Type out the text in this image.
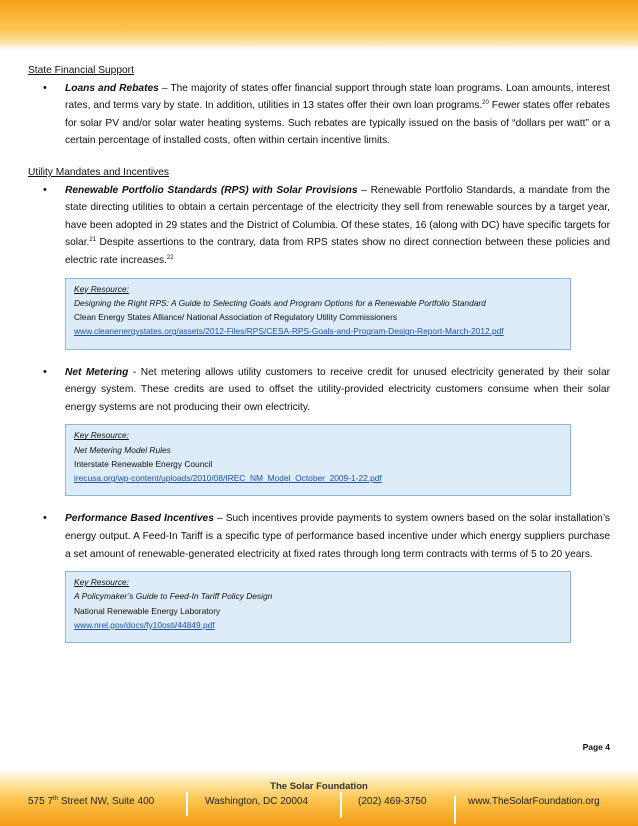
State Financial Support

• Loans and Rebates – The majority of states offer financial support through state loan programs. Loan amounts, interest rates, and terms vary by state. In addition, utilities in 13 states offer their own loan programs.$^{20}$ Fewer states offer rebates for solar PV and/or solar water heating systems. Such rebates are typically issued on the basis of “dollars per watt” or a certain percentage of installed costs, often within certain incentive limits.

Utility Mandates and Incentives

• Renewable Portfolio Standards (RPS) with Solar Provisions – Renewable Portfolio Standards, a mandate from the state directing utilities to obtain a certain percentage of the electricity they sell from renewable sources by a target year, have been adopted in 29 states and the District of Columbia. Of these states, 16 (along with DC) have specific targets for solar.$^{21}$ Despite assertions to the contrary, data from RPS states show no direct connection between these policies and electric rate increases.$^{22}$
Key Resource:
Designing the Right RPS: A Guide to Selecting Goals and Program Options for a Renewable Portfolio Standard
Clean Energy States Alliance/ National Association of Regulatory Utility Commissioners
www.cleanenergystates.org/assets/2012-Files/RPS/CESA-RPS-Goals-and-Program-Design-Report-March-2012.pdf
• Net Metering - Net metering allows utility customers to receive credit for unused electricity generated by their solar energy system. These credits are used to offset the utility-provided electricity customers consume when their solar energy systems are not producing their own electricity.
Key Resource:
Net Metering Model Rules
Interstate Renewable Energy Council
irecusa.org/wp-content/uploads/2010/08/IREC_NM_Model_October_2009-1-22.pdf
• Performance Based Incentives – Such incentives provide payments to system owners based on the solar installation’s energy output. A Feed-In Tariff is a specific type of performance based incentive under which energy suppliers purchase a set amount of renewable-generated electricity at fixed rates through long term contracts with terms of 5 to 20 years.
Key Resource:
A Policymaker’s Guide to Feed-In Tariff Policy Design
National Renewable Energy Laboratory
www.nrel.gov/docs/fy10osti/44849.pdf
Page 4
The Solar Foundation
575 7th Street NW, Suite 400	Washington, DC 20004	(202) 469-3750	www.TheSolarFoundation.org
